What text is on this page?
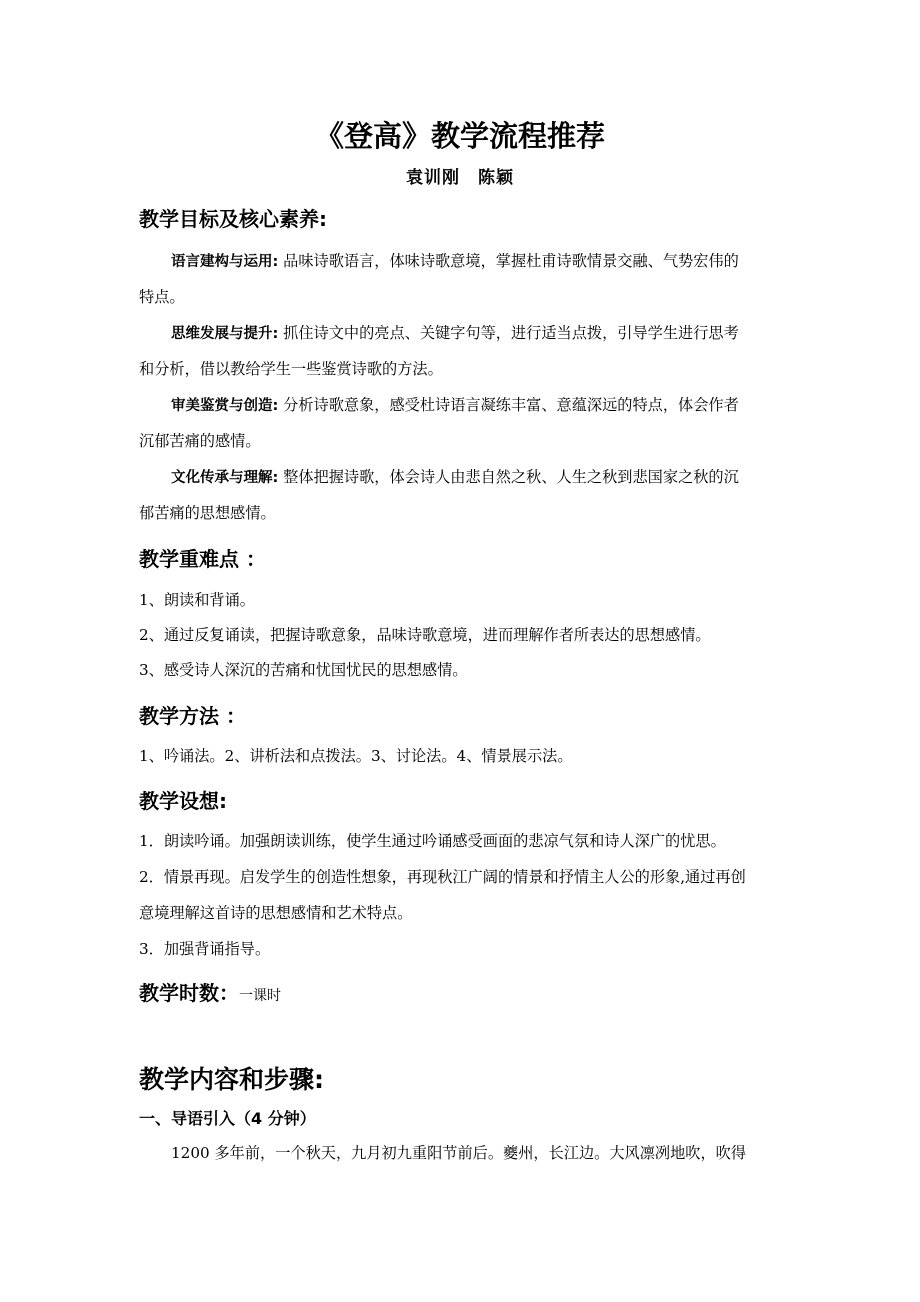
《登高》教学流程推荐
袁训刚　陈颖
教学目标及核心素养:
语言建构与运用: 品味诗歌语言，体味诗歌意境，掌握杜甫诗歌情景交融、气势宏伟的
特点。
思维发展与提升: 抓住诗文中的亮点、关键字句等，进行适当点拨，引导学生进行思考
和分析，借以教给学生一些鉴赏诗歌的方法。
审美鉴赏与创造: 分析诗歌意象，感受杜诗语言凝练丰富、意蕴深远的特点，体会作者
沉郁苦痛的感情。
文化传承与理解: 整体把握诗歌，体会诗人由悲自然之秋、人生之秋到悲国家之秋的沉
郁苦痛的思想感情。
教学重难点 ：
1、朗读和背诵。
2、通过反复诵读，把握诗歌意象，品味诗歌意境，进而理解作者所表达的思想感情。
3、感受诗人深沉的苦痛和忧国忧民的思想感情。
教学方法 ：
1、吟诵法。2、讲析法和点拨法。3、讨论法。4、情景展示法。
教学设想:
1．朗读吟诵。加强朗读训练，使学生通过吟诵感受画面的悲凉气氛和诗人深广的忧思。
2．情景再现。启发学生的创造性想象，再现秋江广阔的情景和抒情主人公的形象,通过再创
意境理解这首诗的思想感情和艺术特点。
3．加强背诵指导。
教学时数：一课时
教学内容和步骤:
一、导语引入（4 分钟）
1200 多年前，一个秋天，九月初九重阳节前后。夔州，长江边。大风凛冽地吹，吹得
